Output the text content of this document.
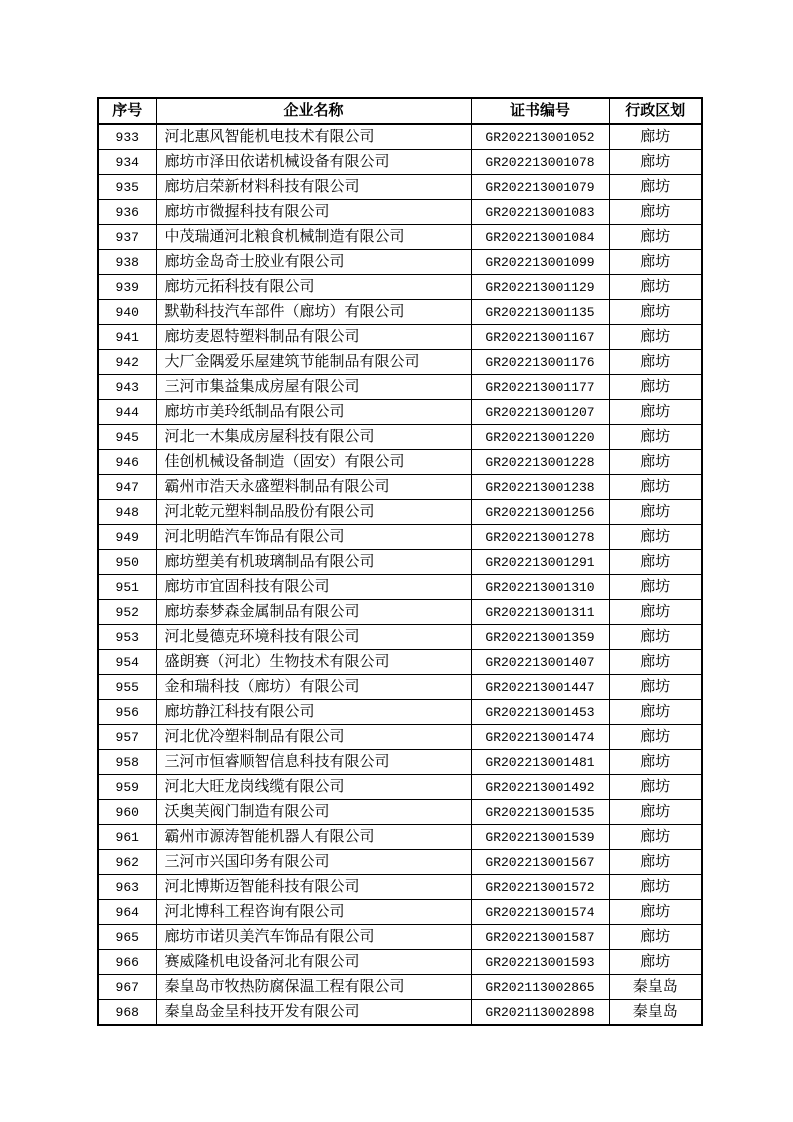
序号	企业名称	证书编号	行政区划
933	河北惠风智能机电技术有限公司	GR202213001052	廊坊
934	廊坊市泽田依诺机械设备有限公司	GR202213001078	廊坊
935	廊坊启荣新材料科技有限公司	GR202213001079	廊坊
936	廊坊市微握科技有限公司	GR202213001083	廊坊
937	中茂瑞通河北粮食机械制造有限公司	GR202213001084	廊坊
938	廊坊金岛奇士胶业有限公司	GR202213001099	廊坊
939	廊坊元拓科技有限公司	GR202213001129	廊坊
940	默勒科技汽车部件（廊坊）有限公司	GR202213001135	廊坊
941	廊坊麦恩特塑料制品有限公司	GR202213001167	廊坊
942	大厂金隅爱乐屋建筑节能制品有限公司	GR202213001176	廊坊
943	三河市集益集成房屋有限公司	GR202213001177	廊坊
944	廊坊市美玲纸制品有限公司	GR202213001207	廊坊
945	河北一木集成房屋科技有限公司	GR202213001220	廊坊
946	佳创机械设备制造（固安）有限公司	GR202213001228	廊坊
947	霸州市浩天永盛塑料制品有限公司	GR202213001238	廊坊
948	河北乾元塑料制品股份有限公司	GR202213001256	廊坊
949	河北明皓汽车饰品有限公司	GR202213001278	廊坊
950	廊坊塑美有机玻璃制品有限公司	GR202213001291	廊坊
951	廊坊市宜固科技有限公司	GR202213001310	廊坊
952	廊坊泰梦森金属制品有限公司	GR202213001311	廊坊
953	河北曼德克环境科技有限公司	GR202213001359	廊坊
954	盛朗赛（河北）生物技术有限公司	GR202213001407	廊坊
955	金和瑞科技（廊坊）有限公司	GR202213001447	廊坊
956	廊坊静江科技有限公司	GR202213001453	廊坊
957	河北优冷塑料制品有限公司	GR202213001474	廊坊
958	三河市恒睿顺智信息科技有限公司	GR202213001481	廊坊
959	河北大旺龙岗线缆有限公司	GR202213001492	廊坊
960	沃奥芙阀门制造有限公司	GR202213001535	廊坊
961	霸州市源涛智能机器人有限公司	GR202213001539	廊坊
962	三河市兴国印务有限公司	GR202213001567	廊坊
963	河北博斯迈智能科技有限公司	GR202213001572	廊坊
964	河北博科工程咨询有限公司	GR202213001574	廊坊
965	廊坊市诺贝美汽车饰品有限公司	GR202213001587	廊坊
966	赛威隆机电设备河北有限公司	GR202213001593	廊坊
967	秦皇岛市牧热防腐保温工程有限公司	GR202113002865	秦皇岛
968	秦皇岛金呈科技开发有限公司	GR202113002898	秦皇岛
